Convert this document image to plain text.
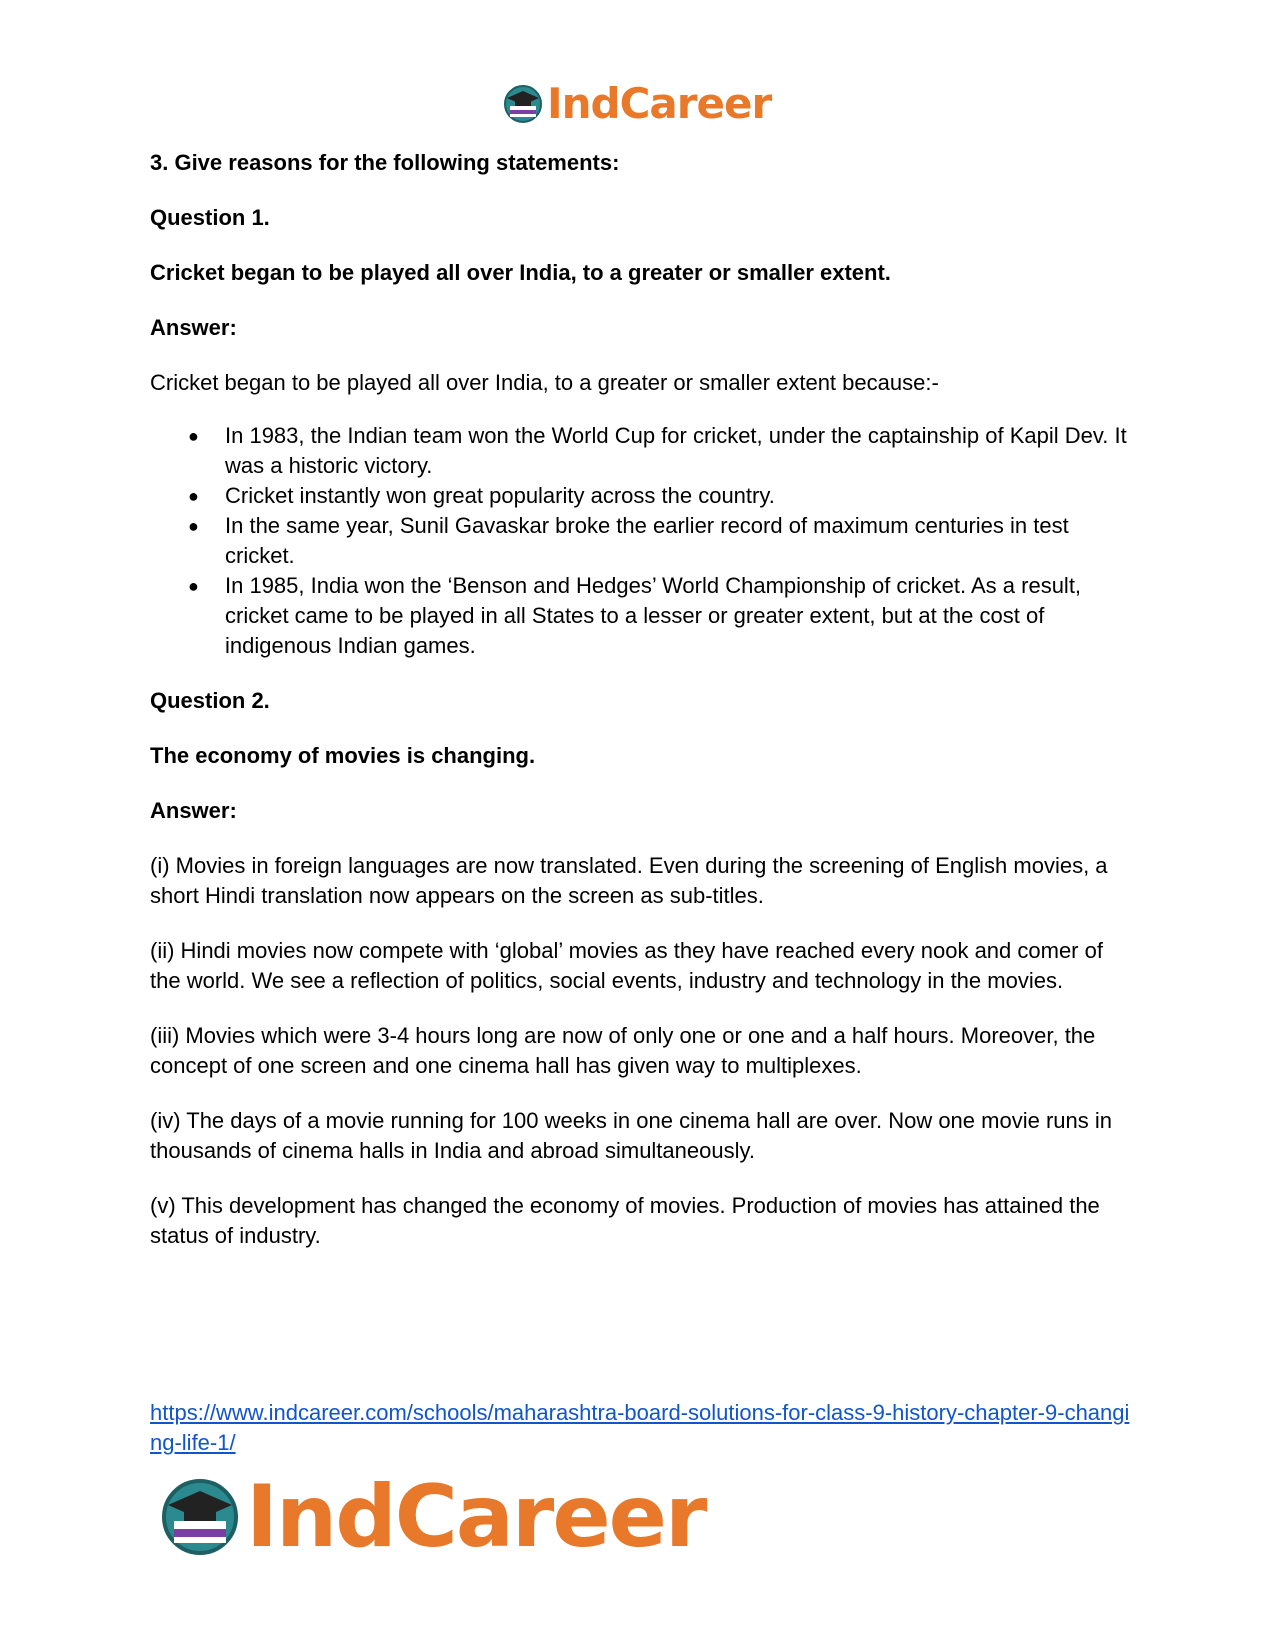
IndCareer

3. Give reasons for the following statements:

Question 1.

Cricket began to be played all over India, to a greater or smaller extent.

Answer:

Cricket began to be played all over India, to a greater or smaller extent because:-

● In 1983, the Indian team won the World Cup for cricket, under the captainship of Kapil Dev. It was a historic victory.
● Cricket instantly won great popularity across the country.
● In the same year, Sunil Gavaskar broke the earlier record of maximum centuries in test cricket.
● In 1985, India won the ‘Benson and Hedges’ World Championship of cricket. As a result, cricket came to be played in all States to a lesser or greater extent, but at the cost of indigenous Indian games.

Question 2.

The economy of movies is changing.

Answer:

(i) Movies in foreign languages are now translated. Even during the screening of English movies, a short Hindi translation now appears on the screen as sub-titles.

(ii) Hindi movies now compete with ‘global’ movies as they have reached every nook and comer of the world. We see a reflection of politics, social events, industry and technology in the movies.

(iii) Movies which were 3-4 hours long are now of only one or one and a half hours. Moreover, the concept of one screen and one cinema hall has given way to multiplexes.

(iv) The days of a movie running for 100 weeks in one cinema hall are over. Now one movie runs in thousands of cinema halls in India and abroad simultaneously.

(v) This development has changed the economy of movies. Production of movies has attained the status of industry.

https://www.indcareer.com/schools/maharashtra-board-solutions-for-class-9-history-chapter-9-changing-life-1/
IndCareer
